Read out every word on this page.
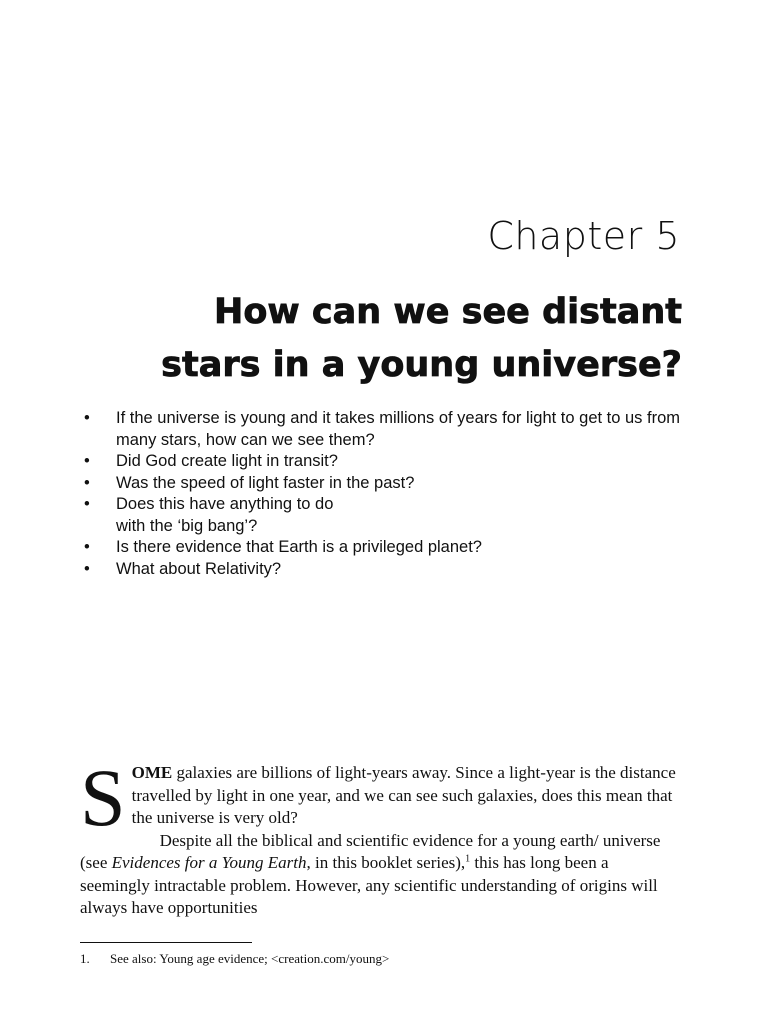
Chapter 5
How can we see distant
stars in a young universe?
• If the universe is young and it takes millions of years for light to get to us from many stars, how can we see them?
• Did God create light in transit?
• Was the speed of light faster in the past?
• Does this have anything to do with the ‘big bang’?
• Is there evidence that Earth is a privileged planet?
• What about Relativity?

SOME galaxies are billions of light-years away. Since a light-year is the distance travelled by light in one year, and we can see such galaxies, does this mean that the universe is very old?

Despite all the biblical and scientific evidence for a young earth/ universe (see Evidences for a Young Earth, in this booklet series),$^1$ this has long been a seemingly intractable problem. However, any scientific understanding of origins will always have opportunities

1. See also: Young age evidence; <creation.com/young>
